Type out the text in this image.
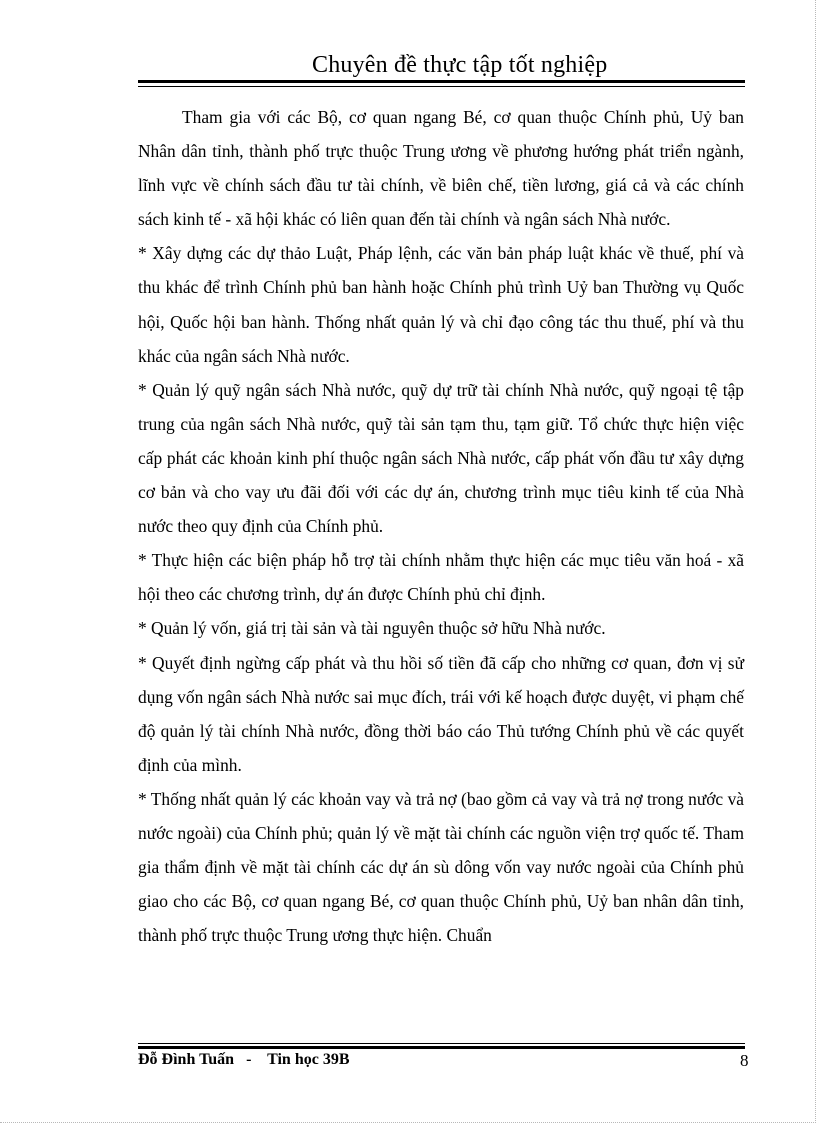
Chuyên đề thực tập tốt nghiệp

Tham gia với các Bộ, cơ quan ngang Bé, cơ quan thuộc Chính phủ, Uỷ ban Nhân dân tỉnh, thành phố trực thuộc Trung ương về phương hướng phát triển ngành, lĩnh vực về chính sách đầu tư tài chính, về biên chế, tiền lương, giá cả và các chính sách kinh tế - xã hội khác có liên quan đến tài chính và ngân sách Nhà nước.

* Xây dựng các dự thảo Luật, Pháp lệnh, các văn bản pháp luật khác về thuế, phí và thu khác để trình Chính phủ ban hành hoặc Chính phủ trình Uỷ ban Thường vụ Quốc hội, Quốc hội ban hành. Thống nhất quản lý và chỉ đạo công tác thu thuế, phí và thu khác của ngân sách Nhà nước.

* Quản lý quỹ ngân sách Nhà nước, quỹ dự trữ tài chính Nhà nước, quỹ ngoại tệ tập trung của ngân sách Nhà nước, quỹ tài sản tạm thu, tạm giữ. Tổ chức thực hiện việc cấp phát các khoản kinh phí thuộc ngân sách Nhà nước, cấp phát vốn đầu tư xây dựng cơ bản và cho vay ưu đãi đối với các dự án, chương trình mục tiêu kinh tế của Nhà nước theo quy định của Chính phủ.

* Thực hiện các biện pháp hỗ trợ tài chính nhằm thực hiện các mục tiêu văn hoá - xã hội theo các chương trình, dự án được Chính phủ chỉ định.

* Quản lý vốn, giá trị tài sản và tài nguyên thuộc sở hữu Nhà nước.

* Quyết định ngừng cấp phát và thu hồi số tiền đã cấp cho những cơ quan, đơn vị sử dụng vốn ngân sách Nhà nước sai mục đích, trái với kế hoạch được duyệt, vi phạm chế độ quản lý tài chính Nhà nước, đồng thời báo cáo Thủ tướng Chính phủ về các quyết định của mình.

* Thống nhất quản lý các khoản vay và trả nợ (bao gồm cả vay và trả nợ trong nước và nước ngoài) của Chính phủ; quản lý về mặt tài chính các nguồn viện trợ quốc tế. Tham gia thẩm định về mặt tài chính các dự án sù dông vốn vay nước ngoài của Chính phủ giao cho các Bộ, cơ quan ngang Bé, cơ quan thuộc Chính phủ, Uỷ ban nhân dân tỉnh, thành phố trực thuộc Trung ương thực hiện. Chuẩn

Đỗ Đình Tuấn   -    Tin học 39B	8
